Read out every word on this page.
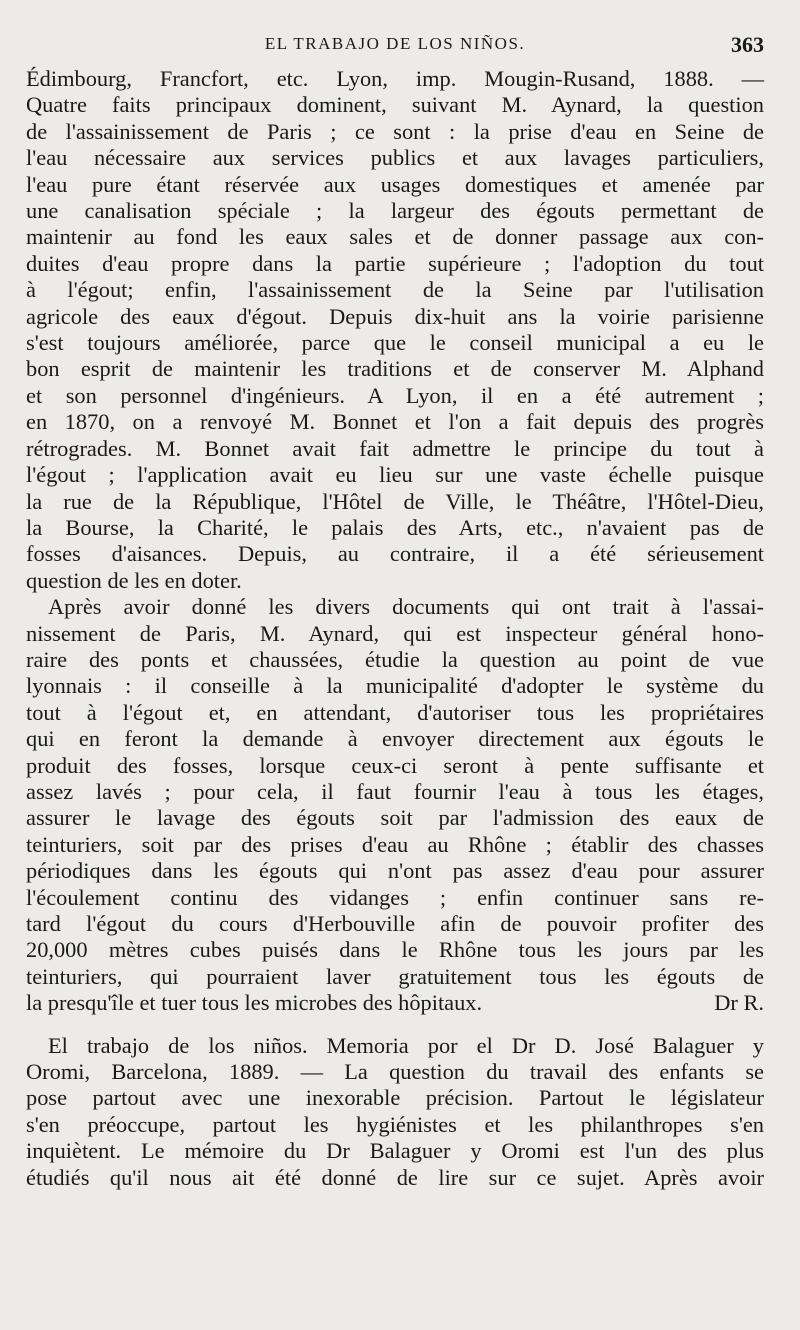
EL TRABAJO DE LOS NIÑOS.	363
Édimbourg, Francfort, etc. Lyon, imp. Mougin-Rusand, 1888. —
Quatre faits principaux dominent, suivant M. Aynard, la question
de l'assainissement de Paris ; ce sont : la prise d'eau en Seine de
l'eau nécessaire aux services publics et aux lavages particuliers,
l'eau pure étant réservée aux usages domestiques et amenée par
une canalisation spéciale ; la largeur des égouts permettant de
maintenir au fond les eaux sales et de donner passage aux con-
duites d'eau propre dans la partie supérieure ; l'adoption du tout
à l'égout; enfin, l'assainissement de la Seine par l'utilisation
agricole des eaux d'égout. Depuis dix-huit ans la voirie parisienne
s'est toujours améliorée, parce que le conseil municipal a eu le
bon esprit de maintenir les traditions et de conserver M. Alphand
et son personnel d'ingénieurs. A Lyon, il en a été autrement ;
en 1870, on a renvoyé M. Bonnet et l'on a fait depuis des progrès
rétrogrades. M. Bonnet avait fait admettre le principe du tout à
l'égout ; l'application avait eu lieu sur une vaste échelle puisque
la rue de la République, l'Hôtel de Ville, le Théâtre, l'Hôtel-Dieu,
la Bourse, la Charité, le palais des Arts, etc., n'avaient pas de
fosses d'aisances. Depuis, au contraire, il a été sérieusement
question de les en doter.
Après avoir donné les divers documents qui ont trait à l'assai-
nissement de Paris, M. Aynard, qui est inspecteur général hono-
raire des ponts et chaussées, étudie la question au point de vue
lyonnais : il conseille à la municipalité d'adopter le système du
tout à l'égout et, en attendant, d'autoriser tous les propriétaires
qui en feront la demande à envoyer directement aux égouts le
produit des fosses, lorsque ceux-ci seront à pente suffisante et
assez lavés ; pour cela, il faut fournir l'eau à tous les étages,
assurer le lavage des égouts soit par l'admission des eaux de
teinturiers, soit par des prises d'eau au Rhône ; établir des chasses
périodiques dans les égouts qui n'ont pas assez d'eau pour assurer
l'écoulement continu des vidanges ; enfin continuer sans re-
tard l'égout du cours d'Herbouville afin de pouvoir profiter des
20,000 mètres cubes puisés dans le Rhône tous les jours par les
teinturiers, qui pourraient laver gratuitement tous les égouts de
la presqu'île et tuer tous les microbes des hôpitaux.	Dr R.
El trabajo de los niños. Memoria por el Dr D. José Balaguer y
Oromi, Barcelona, 1889. — La question du travail des enfants se
pose partout avec une inexorable précision. Partout le législateur
s'en préoccupe, partout les hygiénistes et les philanthropes s'en
inquiètent. Le mémoire du Dr Balaguer y Oromi est l'un des plus
étudiés qu'il nous ait été donné de lire sur ce sujet. Après avoir
